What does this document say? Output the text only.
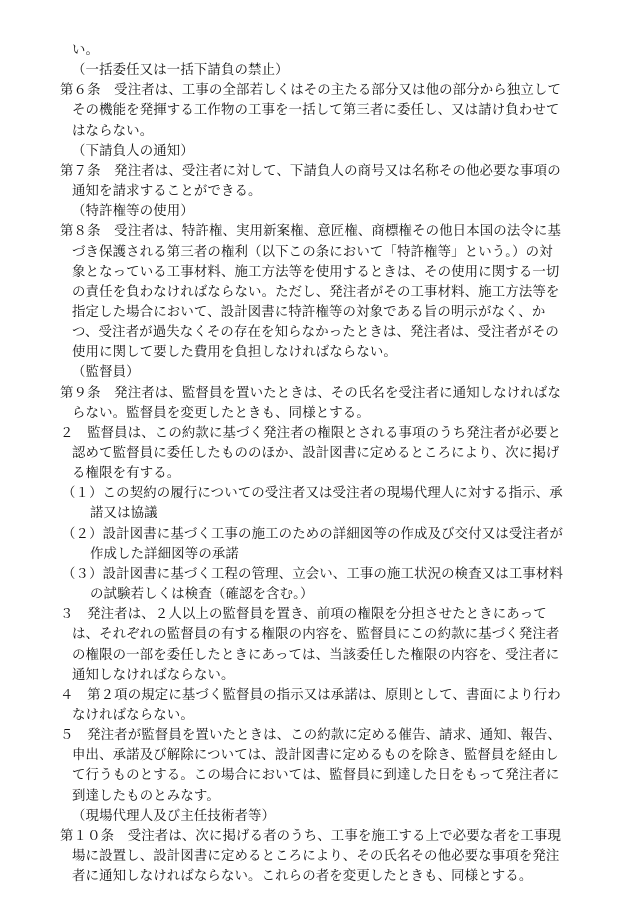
い。
（一括委任又は一括下請負の禁止）
第６条　受注者は、工事の全部若しくはその主たる部分又は他の部分から独立して
その機能を発揮する工作物の工事を一括して第三者に委任し、又は請け負わせて
はならない。
（下請負人の通知）
第７条　発注者は、受注者に対して、下請負人の商号又は名称その他必要な事項の
通知を請求することができる。
（特許権等の使用）
第８条　受注者は、特許権、実用新案権、意匠権、商標権その他日本国の法令に基
づき保護される第三者の権利（以下この条において「特許権等」という。）の対
象となっている工事材料、施工方法等を使用するときは、その使用に関する一切
の責任を負わなければならない。ただし、発注者がその工事材料、施工方法等を
指定した場合において、設計図書に特許権等の対象である旨の明示がなく、か
つ、受注者が過失なくその存在を知らなかったときは、発注者は、受注者がその
使用に関して要した費用を負担しなければならない。
（監督員）
第９条　発注者は、監督員を置いたときは、その氏名を受注者に通知しなければな
らない。監督員を変更したときも、同様とする。
２　監督員は、この約款に基づく発注者の権限とされる事項のうち発注者が必要と
認めて監督員に委任したもののほか、設計図書に定めるところにより、次に掲げ
る権限を有する。
（１）この契約の履行についての受注者又は受注者の現場代理人に対する指示、承
諾又は協議
（２）設計図書に基づく工事の施工のための詳細図等の作成及び交付又は受注者が
作成した詳細図等の承諾
（３）設計図書に基づく工程の管理、立会い、工事の施工状況の検査又は工事材料
の試験若しくは検査（確認を含む。）
３　発注者は、２人以上の監督員を置き、前項の権限を分担させたときにあって
は、それぞれの監督員の有する権限の内容を、監督員にこの約款に基づく発注者
の権限の一部を委任したときにあっては、当該委任した権限の内容を、受注者に
通知しなければならない。
４　第２項の規定に基づく監督員の指示又は承諾は、原則として、書面により行わ
なければならない。
５　発注者が監督員を置いたときは、この約款に定める催告、請求、通知、報告、
申出、承諾及び解除については、設計図書に定めるものを除き、監督員を経由し
て行うものとする。この場合においては、監督員に到達した日をもって発注者に
到達したものとみなす。
（現場代理人及び主任技術者等）
第１０条　受注者は、次に掲げる者のうち、工事を施工する上で必要な者を工事現
場に設置し、設計図書に定めるところにより、その氏名その他必要な事項を発注
者に通知しなければならない。これらの者を変更したときも、同様とする。
